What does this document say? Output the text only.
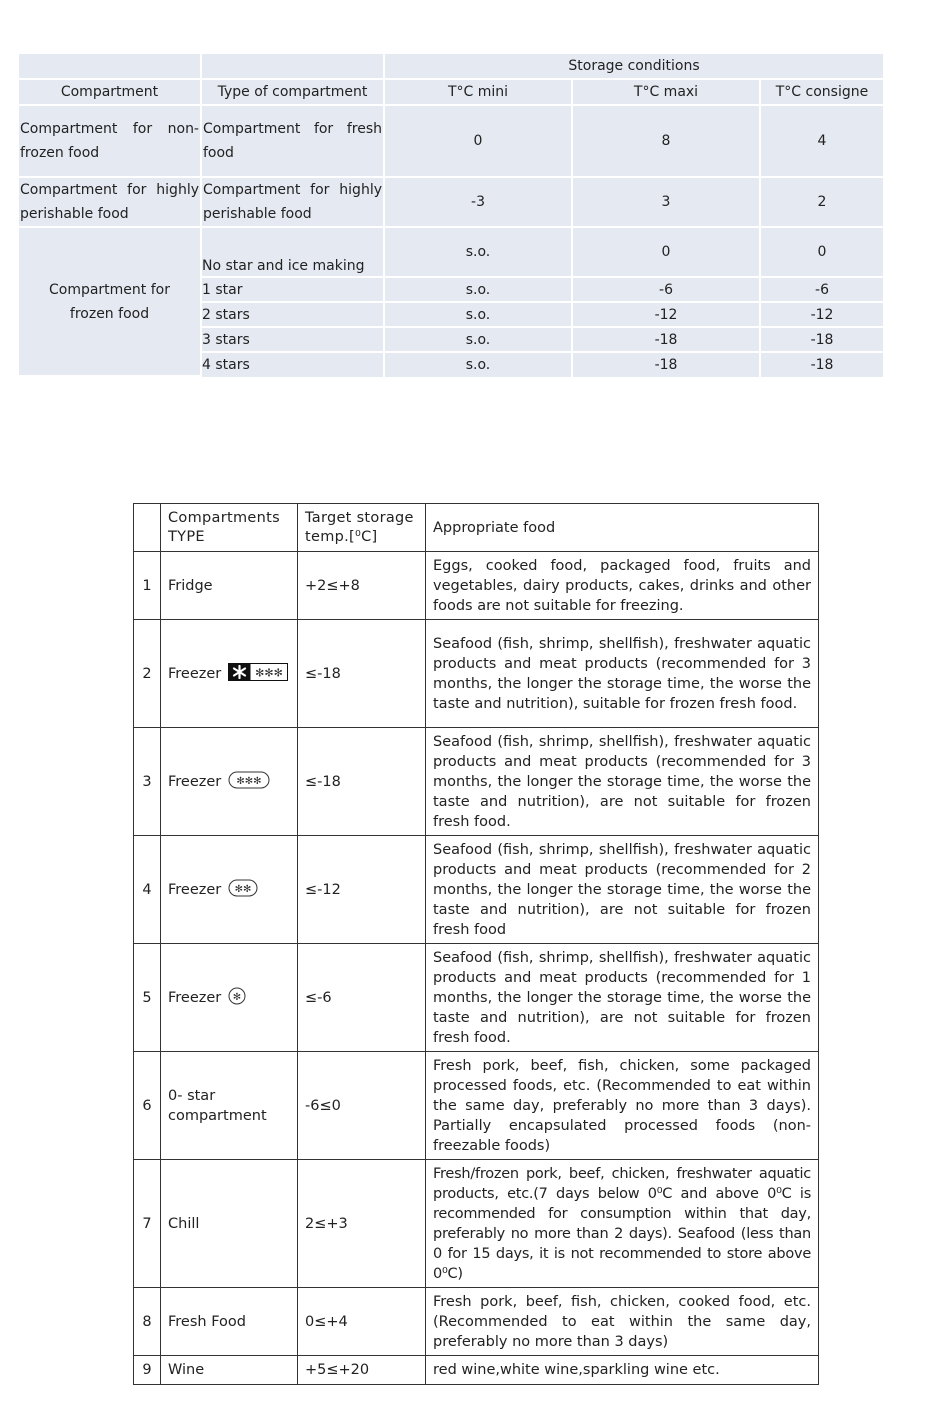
		Storage conditions		
Compartment	Type of compartment	T°C mini	T°C maxi	T°C consigne
Compartment for non-frozen food	Compartment for fresh food	0	8	4
Compartment for highly perishable food	Compartment for highly perishable food	-3	3	2
Compartment for frozen food	No star and ice making	s.o.	0	0
	1 star	s.o.	-6	-6
	2 stars	s.o.	-12	-12
	3 stars	s.o.	-18	-18
	4 stars	s.o.	-18	-18
	Compartments TYPE	Target storage temp.[⁰C]	Appropriate food
1	Fridge	+2≤+8	Eggs, cooked food, packaged food, fruits and vegetables, dairy products, cakes, drinks and other foods are not suitable for freezing.
2	Freezer ✻✻✻	≤-18	Seafood (fish, shrimp, shellfish), freshwater aquatic products and meat products (recommended for 3 months, the longer the storage time, the worse the taste and nutrition), suitable for frozen fresh food.
3	Freezer ✻✻✻	≤-18	Seafood (fish, shrimp, shellfish), freshwater aquatic products and meat products (recommended for 3 months, the longer the storage time, the worse the taste and nutrition), are not suitable for frozen fresh food.
4	Freezer ✻✻	≤-12	Seafood (fish, shrimp, shellfish), freshwater aquatic products and meat products (recommended for 2 months, the longer the storage time, the worse the taste and nutrition), are not suitable for frozen fresh food
5	Freezer ✻	≤-6	Seafood (fish, shrimp, shellfish), freshwater aquatic products and meat products (recommended for 1 months, the longer the storage time, the worse the taste and nutrition), are not suitable for frozen fresh food.
6	0- star compartment	-6≤0	Fresh pork, beef, fish, chicken, some packaged processed foods, etc. (Recommended to eat within the same day, preferably no more than 3 days). Partially encapsulated processed foods (non-freezable foods)
7	Chill	2≤+3	Fresh/frozen pork, beef, chicken, freshwater aquatic products, etc.(7 days below 0⁰C and above 0⁰C is recommended for consumption within that day, preferably no more than 2 days). Seafood (less than 0 for 15 days, it is not recommended to store above 0⁰C)
8	Fresh Food	0≤+4	Fresh pork, beef, fish, chicken, cooked food, etc. (Recommended to eat within the same day, preferably no more than 3 days)
9	Wine	+5≤+20	red wine,white wine,sparkling wine etc.
